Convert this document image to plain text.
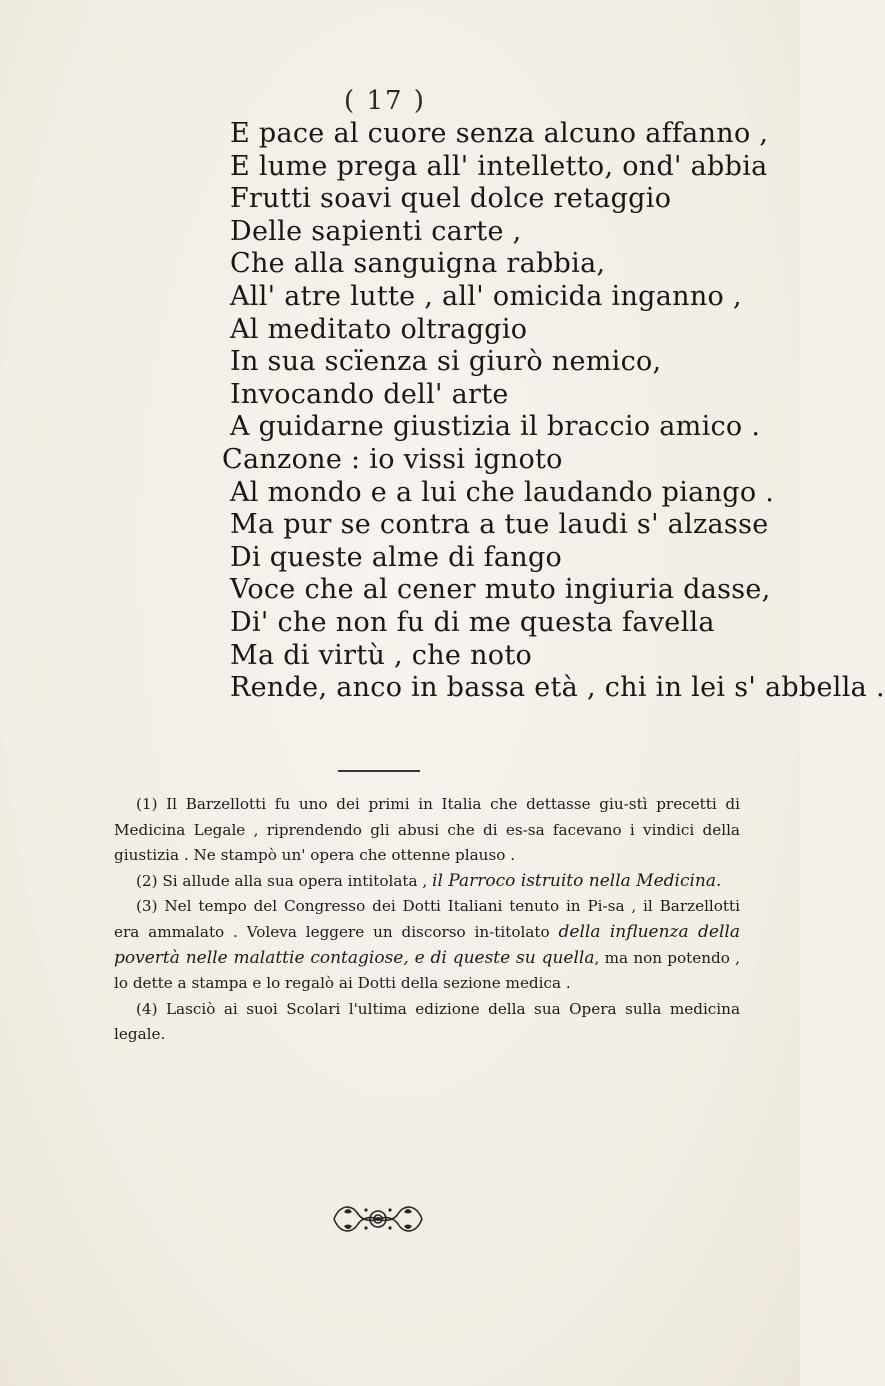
( 17 )
E pace al cuore senza alcuno affanno ,
E lume prega all' intelletto, ond' abbia
Frutti soavi quel dolce retaggio
Delle sapienti carte ,
Che alla sanguigna rabbia,
All' atre lutte , all' omicida inganno ,
Al meditato oltraggio
In sua scïenza si giurò nemico,
Invocando dell' arte
A guidarne giustizia il braccio amico .
Canzone : io vissi ignoto
Al mondo e a lui che laudando piango .
Ma pur se contra a tue laudi s' alzasse
Di queste alme di fango
Voce che al cener muto ingiuria dasse,
Di' che non fu di me questa favella
Ma di virtù , che noto
Rende, anco in bassa età , chi in lei s' abbella .

(1) Il Barzellotti fu uno dei primi in Italia che dettasse giu-stì precetti di Medicina Legale , riprendendo gli abusi che di es-sa facevano i vindici della giustizia . Ne stampò un' opera che ottenne plauso .

(2) Si allude alla sua opera intitolata , il Parroco istruito nella Medicina.

(3) Nel tempo del Congresso dei Dotti Italiani tenuto in Pi-sa , il Barzellotti era ammalato . Voleva leggere un discorso in-titolato della influenza della povertà nelle malattie contagiose, e di queste su quella, ma non potendo , lo dette a stampa e lo regalò ai Dotti della sezione medica .

(4) Lasciò ai suoi Scolari l'ultima edizione della sua Opera sulla medicina legale.
